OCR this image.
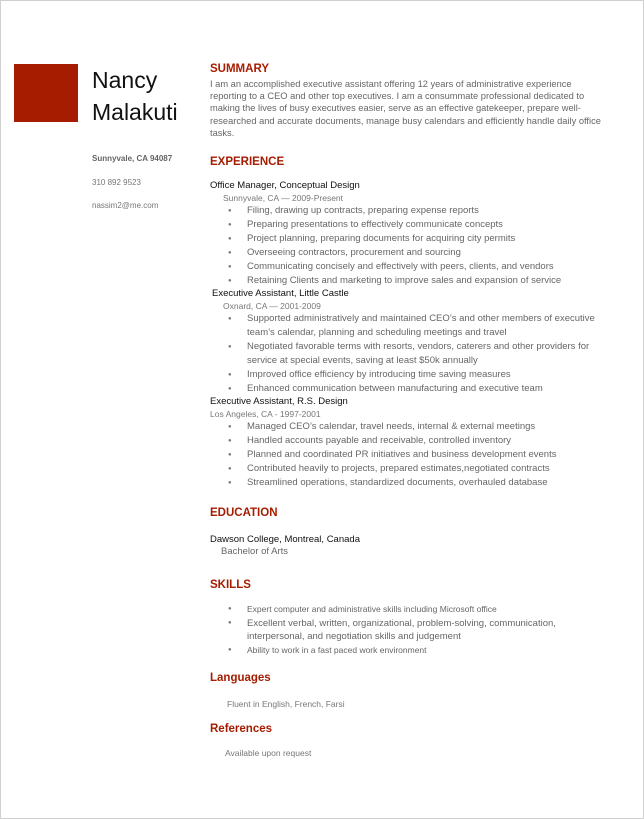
Nancy
Malakuti
Sunnyvale, CA 94087
310 892 9523
nassim2@me.com
SUMMARY

I am an accomplished executive assistant offering 12 years of administrative experience reporting to a CEO and other top executives. I am a consummate professional dedicated to making the lives of busy executives easier, serve as an effective gatekeeper, prepare well-researched and accurate documents, manage busy calendars and efficiently handle daily office tasks.

EXPERIENCE
Office Manager, Conceptual Design
Sunnyvale, CA — 2009-Present
● Filing, drawing up contracts, preparing expense reports
● Preparing presentations to effectively communicate concepts
● Project planning, preparing documents for acquiring city permits
● Overseeing contractors, procurement and sourcing
● Communicating concisely and effectively with peers, clients, and vendors
● Retaining Clients and marketing to improve sales and expansion of service
Executive Assistant, Little Castle
Oxnard, CA — 2001-2009
● Supported administratively and maintained CEO’s and other members of executive team’s calendar, planning and scheduling meetings and travel
● Negotiated favorable terms with resorts, vendors, caterers and other providers for service at special events, saving at least $50k annually
● Improved office efficiency by introducing time saving measures
● Enhanced communication between manufacturing and executive team
Executive Assistant, R.S. Design
Los Angeles, CA - 1997-2001
● Managed CEO’s calendar, travel needs, internal & external meetings
● Handled accounts payable and receivable, controlled inventory
● Planned and coordinated PR initiatives and business development events
● Contributed heavily to projects, prepared estimates,negotiated contracts
● Streamlined operations, standardized documents, overhauled database
EDUCATION
Dawson College, Montreal, Canada
Bachelor of Arts
SKILLS
● Expert computer and administrative skills including Microsoft office
● Excellent verbal, written, organizational, problem-solving, communication, interpersonal, and negotiation skills and judgement
● Ability to work in a fast paced work environment
Languages
Fluent in English, French, Farsi
References
Available upon request
